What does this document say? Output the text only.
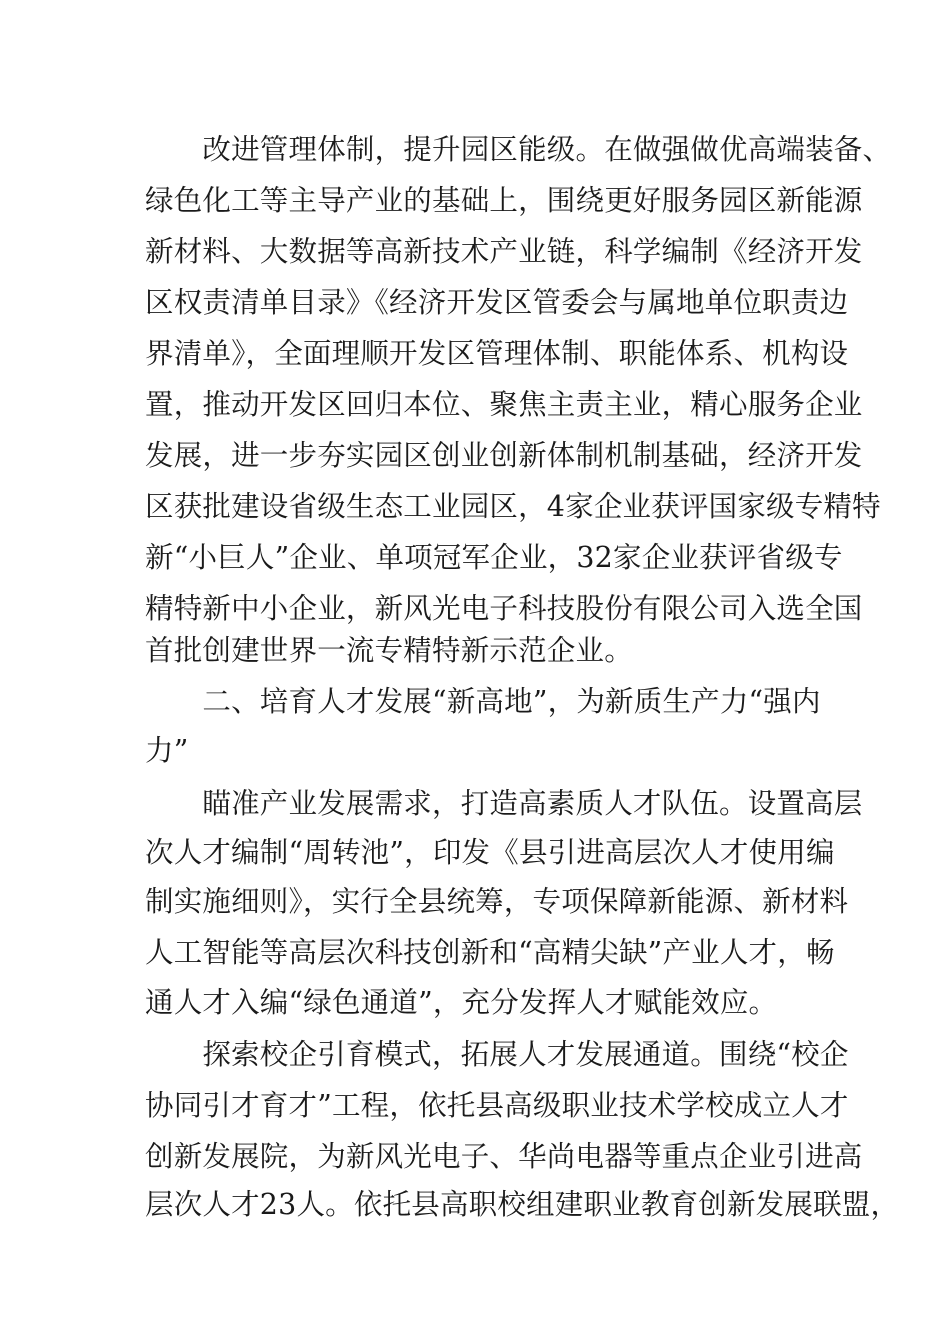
　　改进管理体制，提升园区能级。在做强做优高端装备、
绿色化工等主导产业的基础上，围绕更好服务园区新能源
新材料、大数据等高新技术产业链，科学编制《经济开发
区权责清单目录》《经济开发区管委会与属地单位职责边
界清单》，全面理顺开发区管理体制、职能体系、机构设
置，推动开发区回归本位、聚焦主责主业，精心服务企业
发展，进一步夯实园区创业创新体制机制基础，经济开发
区获批建设省级生态工业园区，4家企业获评国家级专精特
新“小巨人”企业、单项冠军企业，32家企业获评省级专
精特新中小企业，新风光电子科技股份有限公司入选全国
首批创建世界一流专精特新示范企业。
　　二、培育人才发展“新高地”，为新质生产力“强内
力”
　　瞄准产业发展需求，打造高素质人才队伍。设置高层
次人才编制“周转池”，印发《县引进高层次人才使用编
制实施细则》，实行全县统筹，专项保障新能源、新材料
人工智能等高层次科技创新和“高精尖缺”产业人才，畅
通人才入编“绿色通道”，充分发挥人才赋能效应。
　　探索校企引育模式，拓展人才发展通道。围绕“校企
协同引才育才”工程，依托县高级职业技术学校成立人才
创新发展院，为新风光电子、华尚电器等重点企业引进高
层次人才23人。依托县高职校组建职业教育创新发展联盟，
